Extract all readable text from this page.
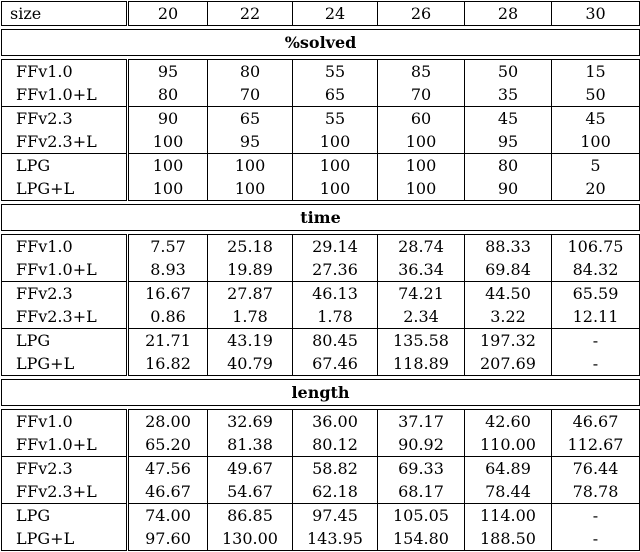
size	20	22	24	26	28	30

%solved						

FFv1.0	95	80	55	85	50	15
FFv1.0+L	80	70	65	70	35	50
FFv2.3	90	65	55	60	45	45
FFv2.3+L	100	95	100	100	95	100
LPG	100	100	100	100	80	5
LPG+L	100	100	100	100	90	20

time						

FFv1.0	7.57	25.18	29.14	28.74	88.33	106.75
FFv1.0+L	8.93	19.89	27.36	36.34	69.84	84.32
FFv2.3	16.67	27.87	46.13	74.21	44.50	65.59
FFv2.3+L	0.86	1.78	1.78	2.34	3.22	12.11
LPG	21.71	43.19	80.45	135.58	197.32	-
LPG+L	16.82	40.79	67.46	118.89	207.69	-

length						

FFv1.0	28.00	32.69	36.00	37.17	42.60	46.67
FFv1.0+L	65.20	81.38	80.12	90.92	110.00	112.67
FFv2.3	47.56	49.67	58.82	69.33	64.89	76.44
FFv2.3+L	46.67	54.67	62.18	68.17	78.44	78.78
LPG	74.00	86.85	97.45	105.05	114.00	-
LPG+L	97.60	130.00	143.95	154.80	188.50	-
